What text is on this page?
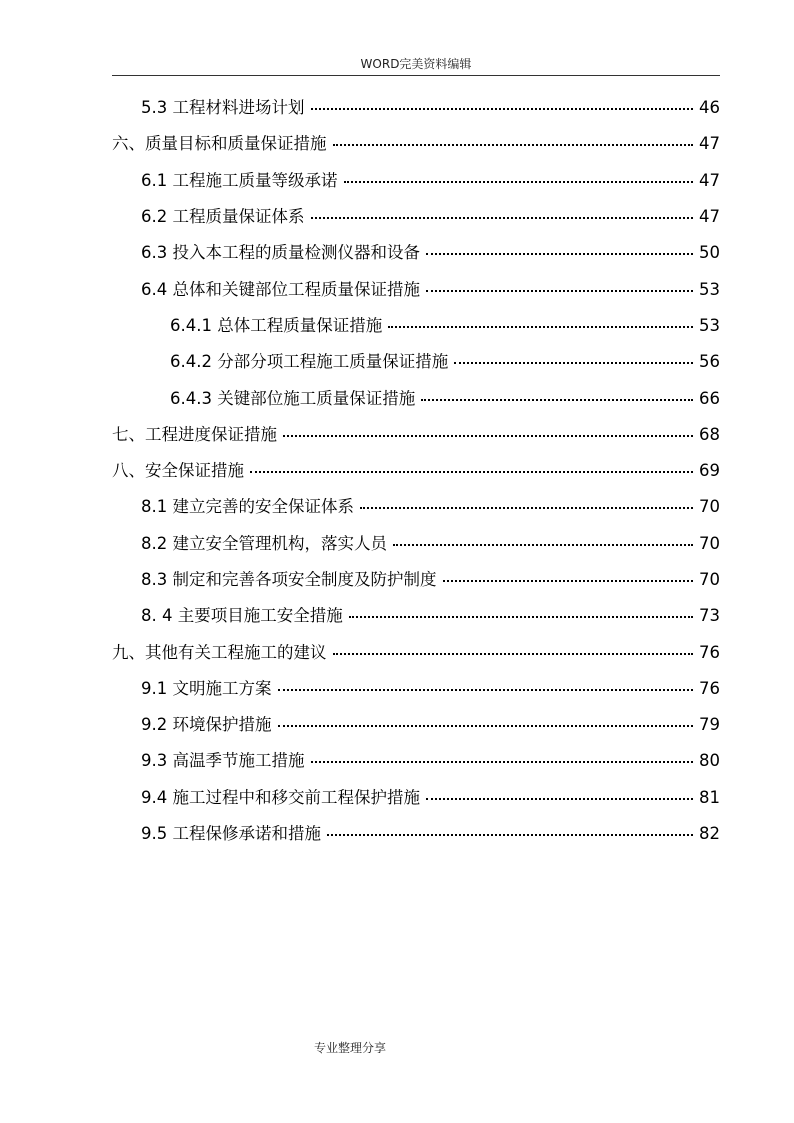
WORD完美资料编辑
5.3 工程材料进场计划	46
六、质量目标和质量保证措施	47
6.1 工程施工质量等级承诺	47
6.2 工程质量保证体系	47
6.3 投入本工程的质量检测仪器和设备	50
6.4 总体和关键部位工程质量保证措施	53
6.4.1 总体工程质量保证措施	53
6.4.2 分部分项工程施工质量保证措施	56
6.4.3 关键部位施工质量保证措施	66
七、工程进度保证措施	68
八、安全保证措施	69
8.1 建立完善的安全保证体系	70
8.2 建立安全管理机构，落实人员	70
8.3 制定和完善各项安全制度及防护制度	70
8. 4 主要项目施工安全措施	73
九、其他有关工程施工的建议	76
9.1 文明施工方案	76
9.2 环境保护措施	79
9.3 高温季节施工措施	80
9.4 施工过程中和移交前工程保护措施	81
9.5 工程保修承诺和措施	82
专业整理分享
